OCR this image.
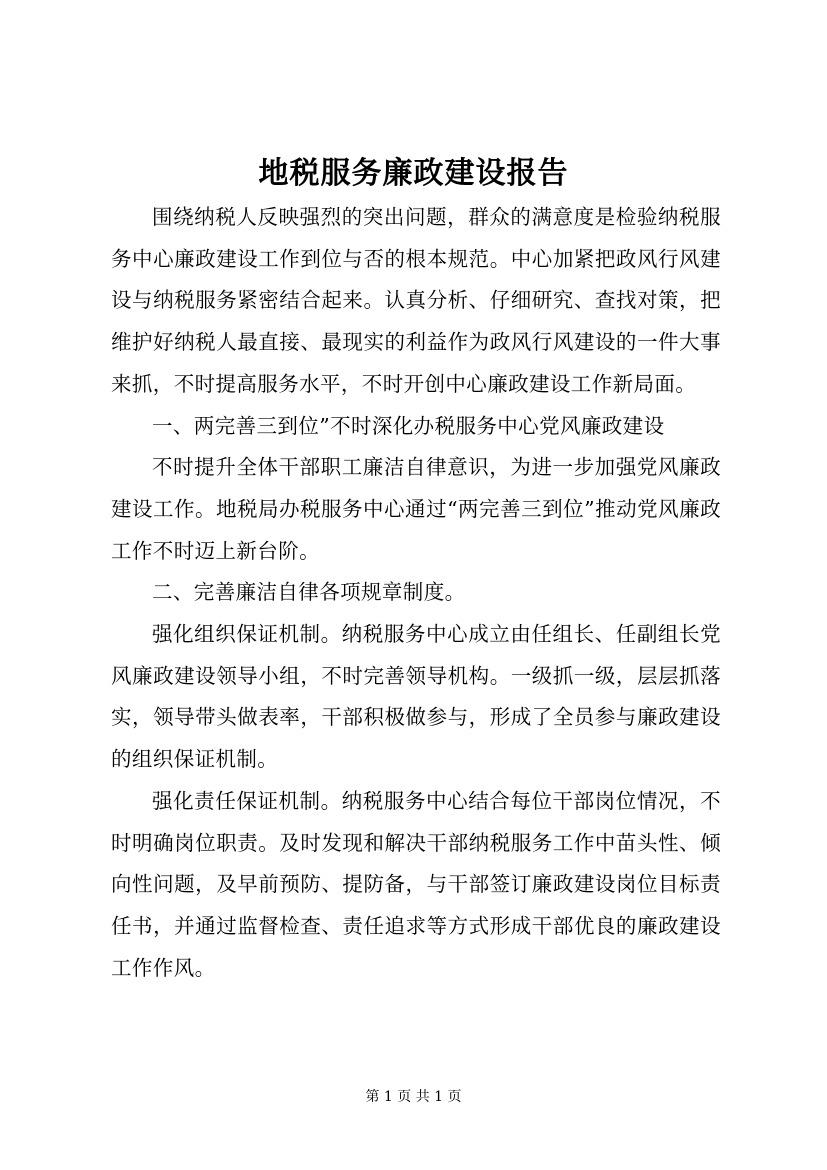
地税服务廉政建设报告

围绕纳税人反映强烈的突出问题，群众的满意度是检验纳税服务中心廉政建设工作到位与否的根本规范。中心加紧把政风行风建设与纳税服务紧密结合起来。认真分析、仔细研究、查找对策，把维护好纳税人最直接、最现实的利益作为政风行风建设的一件大事来抓，不时提高服务水平，不时开创中心廉政建设工作新局面。

一、两完善三到位”不时深化办税服务中心党风廉政建设

不时提升全体干部职工廉洁自律意识，为进一步加强党风廉政建设工作。地税局办税服务中心通过“两完善三到位”推动党风廉政工作不时迈上新台阶。

二、完善廉洁自律各项规章制度。

强化组织保证机制。纳税服务中心成立由任组长、任副组长党风廉政建设领导小组，不时完善领导机构。一级抓一级，层层抓落实，领导带头做表率，干部积极做参与，形成了全员参与廉政建设的组织保证机制。

强化责任保证机制。纳税服务中心结合每位干部岗位情况，不时明确岗位职责。及时发现和解决干部纳税服务工作中苗头性、倾向性问题，及早前预防、提防备，与干部签订廉政建设岗位目标责任书，并通过监督检查、责任追求等方式形成干部优良的廉政建设工作作风。

第 1 页 共 1 页
